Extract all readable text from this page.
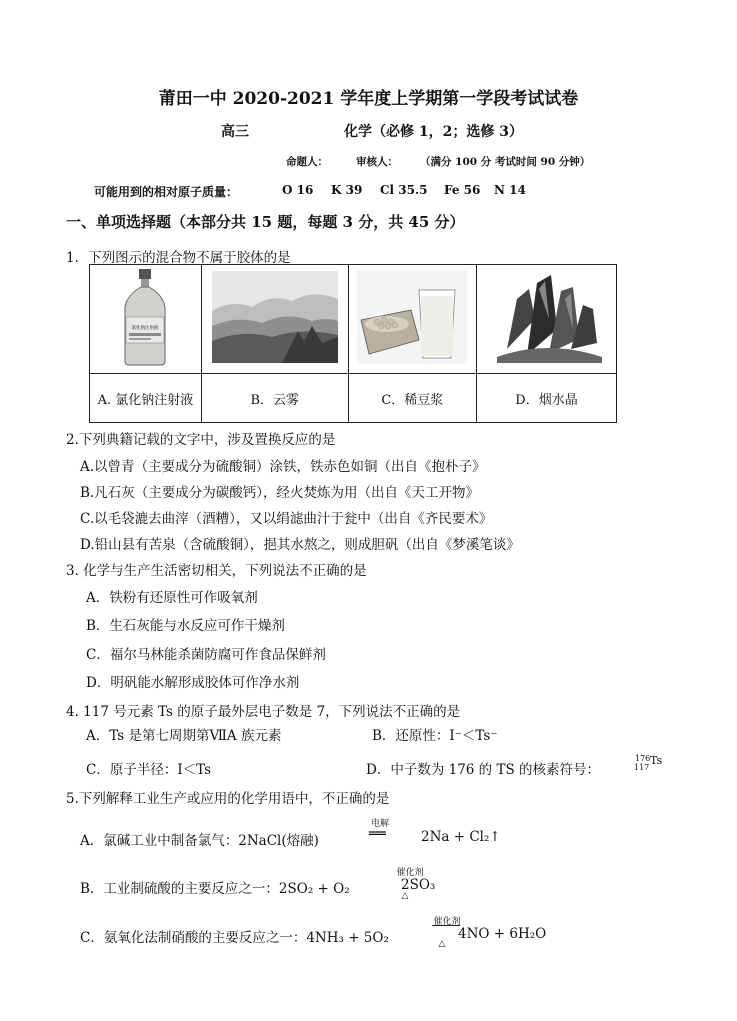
莆田一中 2020-2021 学年度上学期第一学段考试试卷
高三	化学（必修 1，2；选修 3）
命题人：	审核人： （满分 100 分 考试时间 90 分钟）
可能用到的相对原子质量：	O 16 K 39 Cl 35.5 Fe 56 N 14
一、单项选择题（本部分共 15 题，每题 3 分，共 45 分）
1．下列图示的混合物不属于胶体的是
氯化钠注射液

A. 氯化钠注射液	B．云雾	C．稀豆浆	D．烟水晶
2.下列典籍记载的文字中，涉及置换反应的是
A.以曾青（主要成分为硫酸铜）涂铁，铁赤色如铜（出自《抱朴子》
B.凡石灰（主要成分为碳酸钙），经火焚炼为用（出自《天工开物》
C.以毛袋漉去曲滓（酒糟），又以绢滤曲汁于瓮中（出自《齐民要术》
D.铅山县有苦泉（含硫酸铜），挹其水熬之，则成胆矾（出自《梦溪笔谈》
3. 化学与生产生活密切相关，下列说法不正确的是
A．铁粉有还原性可作吸氧剂
B．生石灰能与水反应可作干燥剂
C．福尔马林能杀菌防腐可作食品保鲜剂
D．明矾能水解形成胶体可作净水剂
4. 117 号元素 Ts 的原子最外层电子数是 7，下列说法不正确的是
A．Ts 是第七周期第ⅦA 族元素	B．还原性：I⁻＜Ts⁻
C．原子半径：I＜Ts	D．中子数为 176 的 TS 的核素符号：
176
117
Ts
5.下列解释工业生产或应用的化学用语中，不正确的是
A．氯碱工业中制备氯气：2NaCl(熔融)
电解
══	2Na + Cl₂↑
B．工业制硫酸的主要反应之一：2SO₂ + O₂
催化剂
2SO₃
△
C．氨氧化法制硝酸的主要反应之一：4NH₃ + 5O₂
催化剂
4NO + 6H₂O
△
